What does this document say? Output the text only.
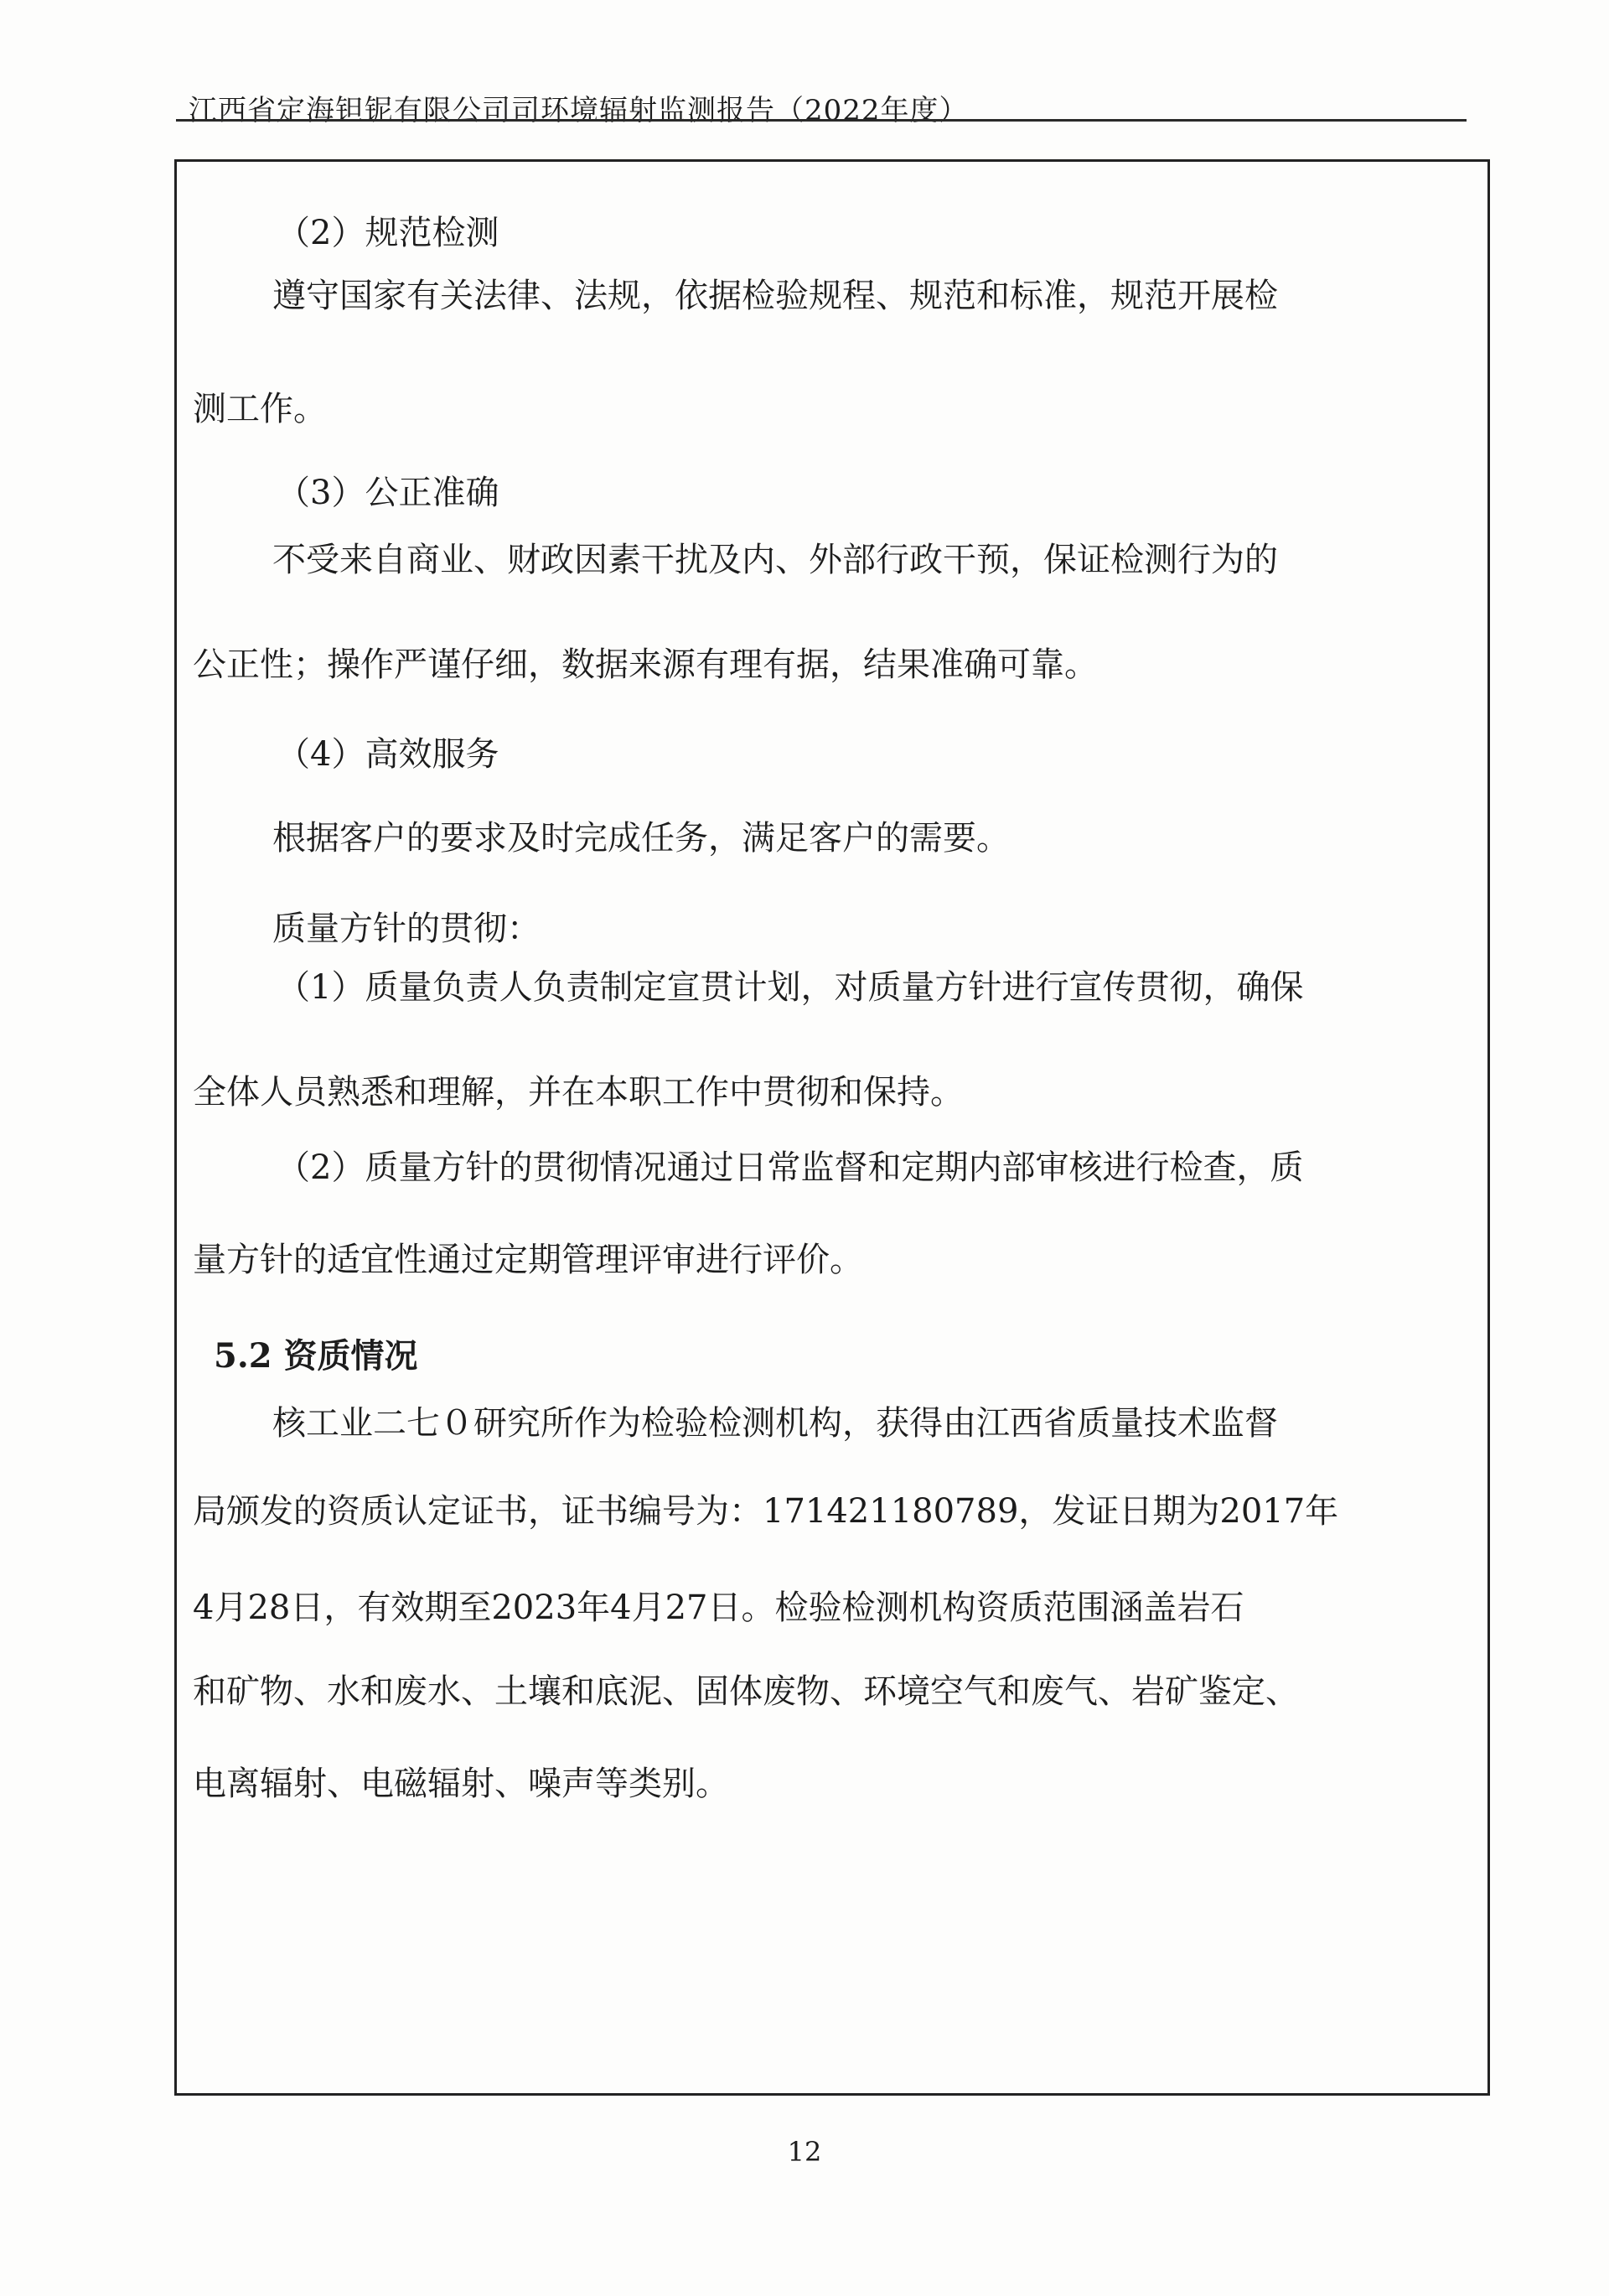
江西省定海钽铌有限公司司环境辐射监测报告（2022年度）
（2）规范检测
遵守国家有关法律、法规，依据检验规程、规范和标准，规范开展检
测工作。
（3）公正准确
不受来自商业、财政因素干扰及内、外部行政干预，保证检测行为的
公正性；操作严谨仔细，数据来源有理有据，结果准确可靠。
（4）高效服务
根据客户的要求及时完成任务，满足客户的需要。
质量方针的贯彻：
（1）质量负责人负责制定宣贯计划，对质量方针进行宣传贯彻，确保
全体人员熟悉和理解，并在本职工作中贯彻和保持。
（2）质量方针的贯彻情况通过日常监督和定期内部审核进行检查，质
量方针的适宜性通过定期管理评审进行评价。
5.2 资质情况
核工业二七０研究所作为检验检测机构，获得由江西省质量技术监督
局颁发的资质认定证书，证书编号为：171421180789，发证日期为2017年
4月28日，有效期至2023年4月27日。检验检测机构资质范围涵盖岩石
和矿物、水和废水、土壤和底泥、固体废物、环境空气和废气、岩矿鉴定、
电离辐射、电磁辐射、噪声等类别。
12
